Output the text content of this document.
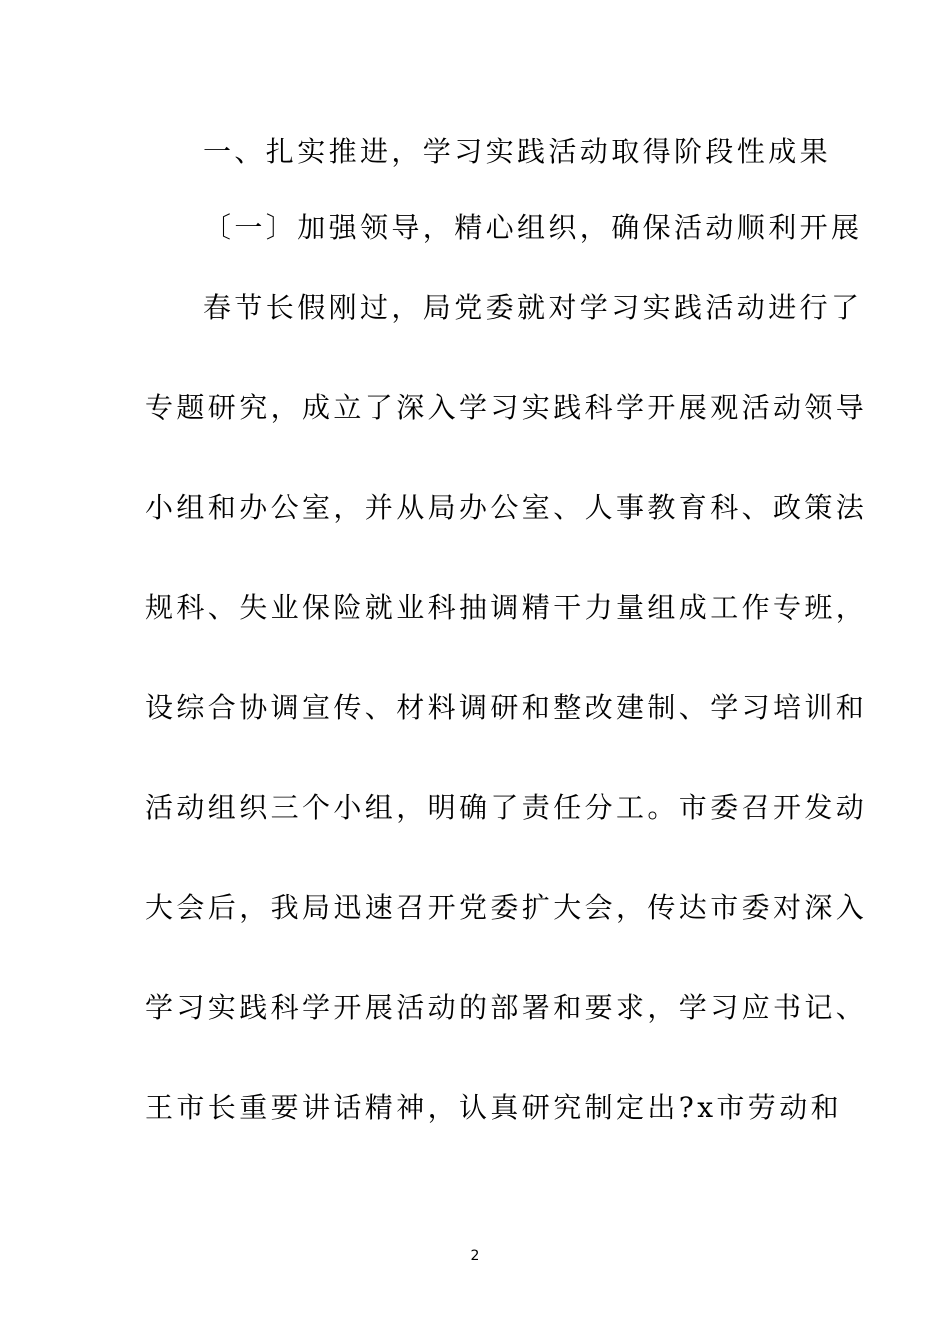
一、扎实推进，学习实践活动取得阶段性成果
〔一〕加强领导，精心组织，确保活动顺利开展
春节长假刚过，局党委就对学习实践活动进行了
专题研究，成立了深入学习实践科学开展观活动领导
小组和办公室，并从局办公室、人事教育科、政策法
规科、失业保险就业科抽调精干力量组成工作专班，
设综合协调宣传、材料调研和整改建制、学习培训和
活动组织三个小组，明确了责任分工。市委召开发动
大会后，我局迅速召开党委扩大会，传达市委对深入
学习实践科学开展活动的部署和要求，学习应书记、
王市长重要讲话精神，认真研究制定出?x市劳动和
2
